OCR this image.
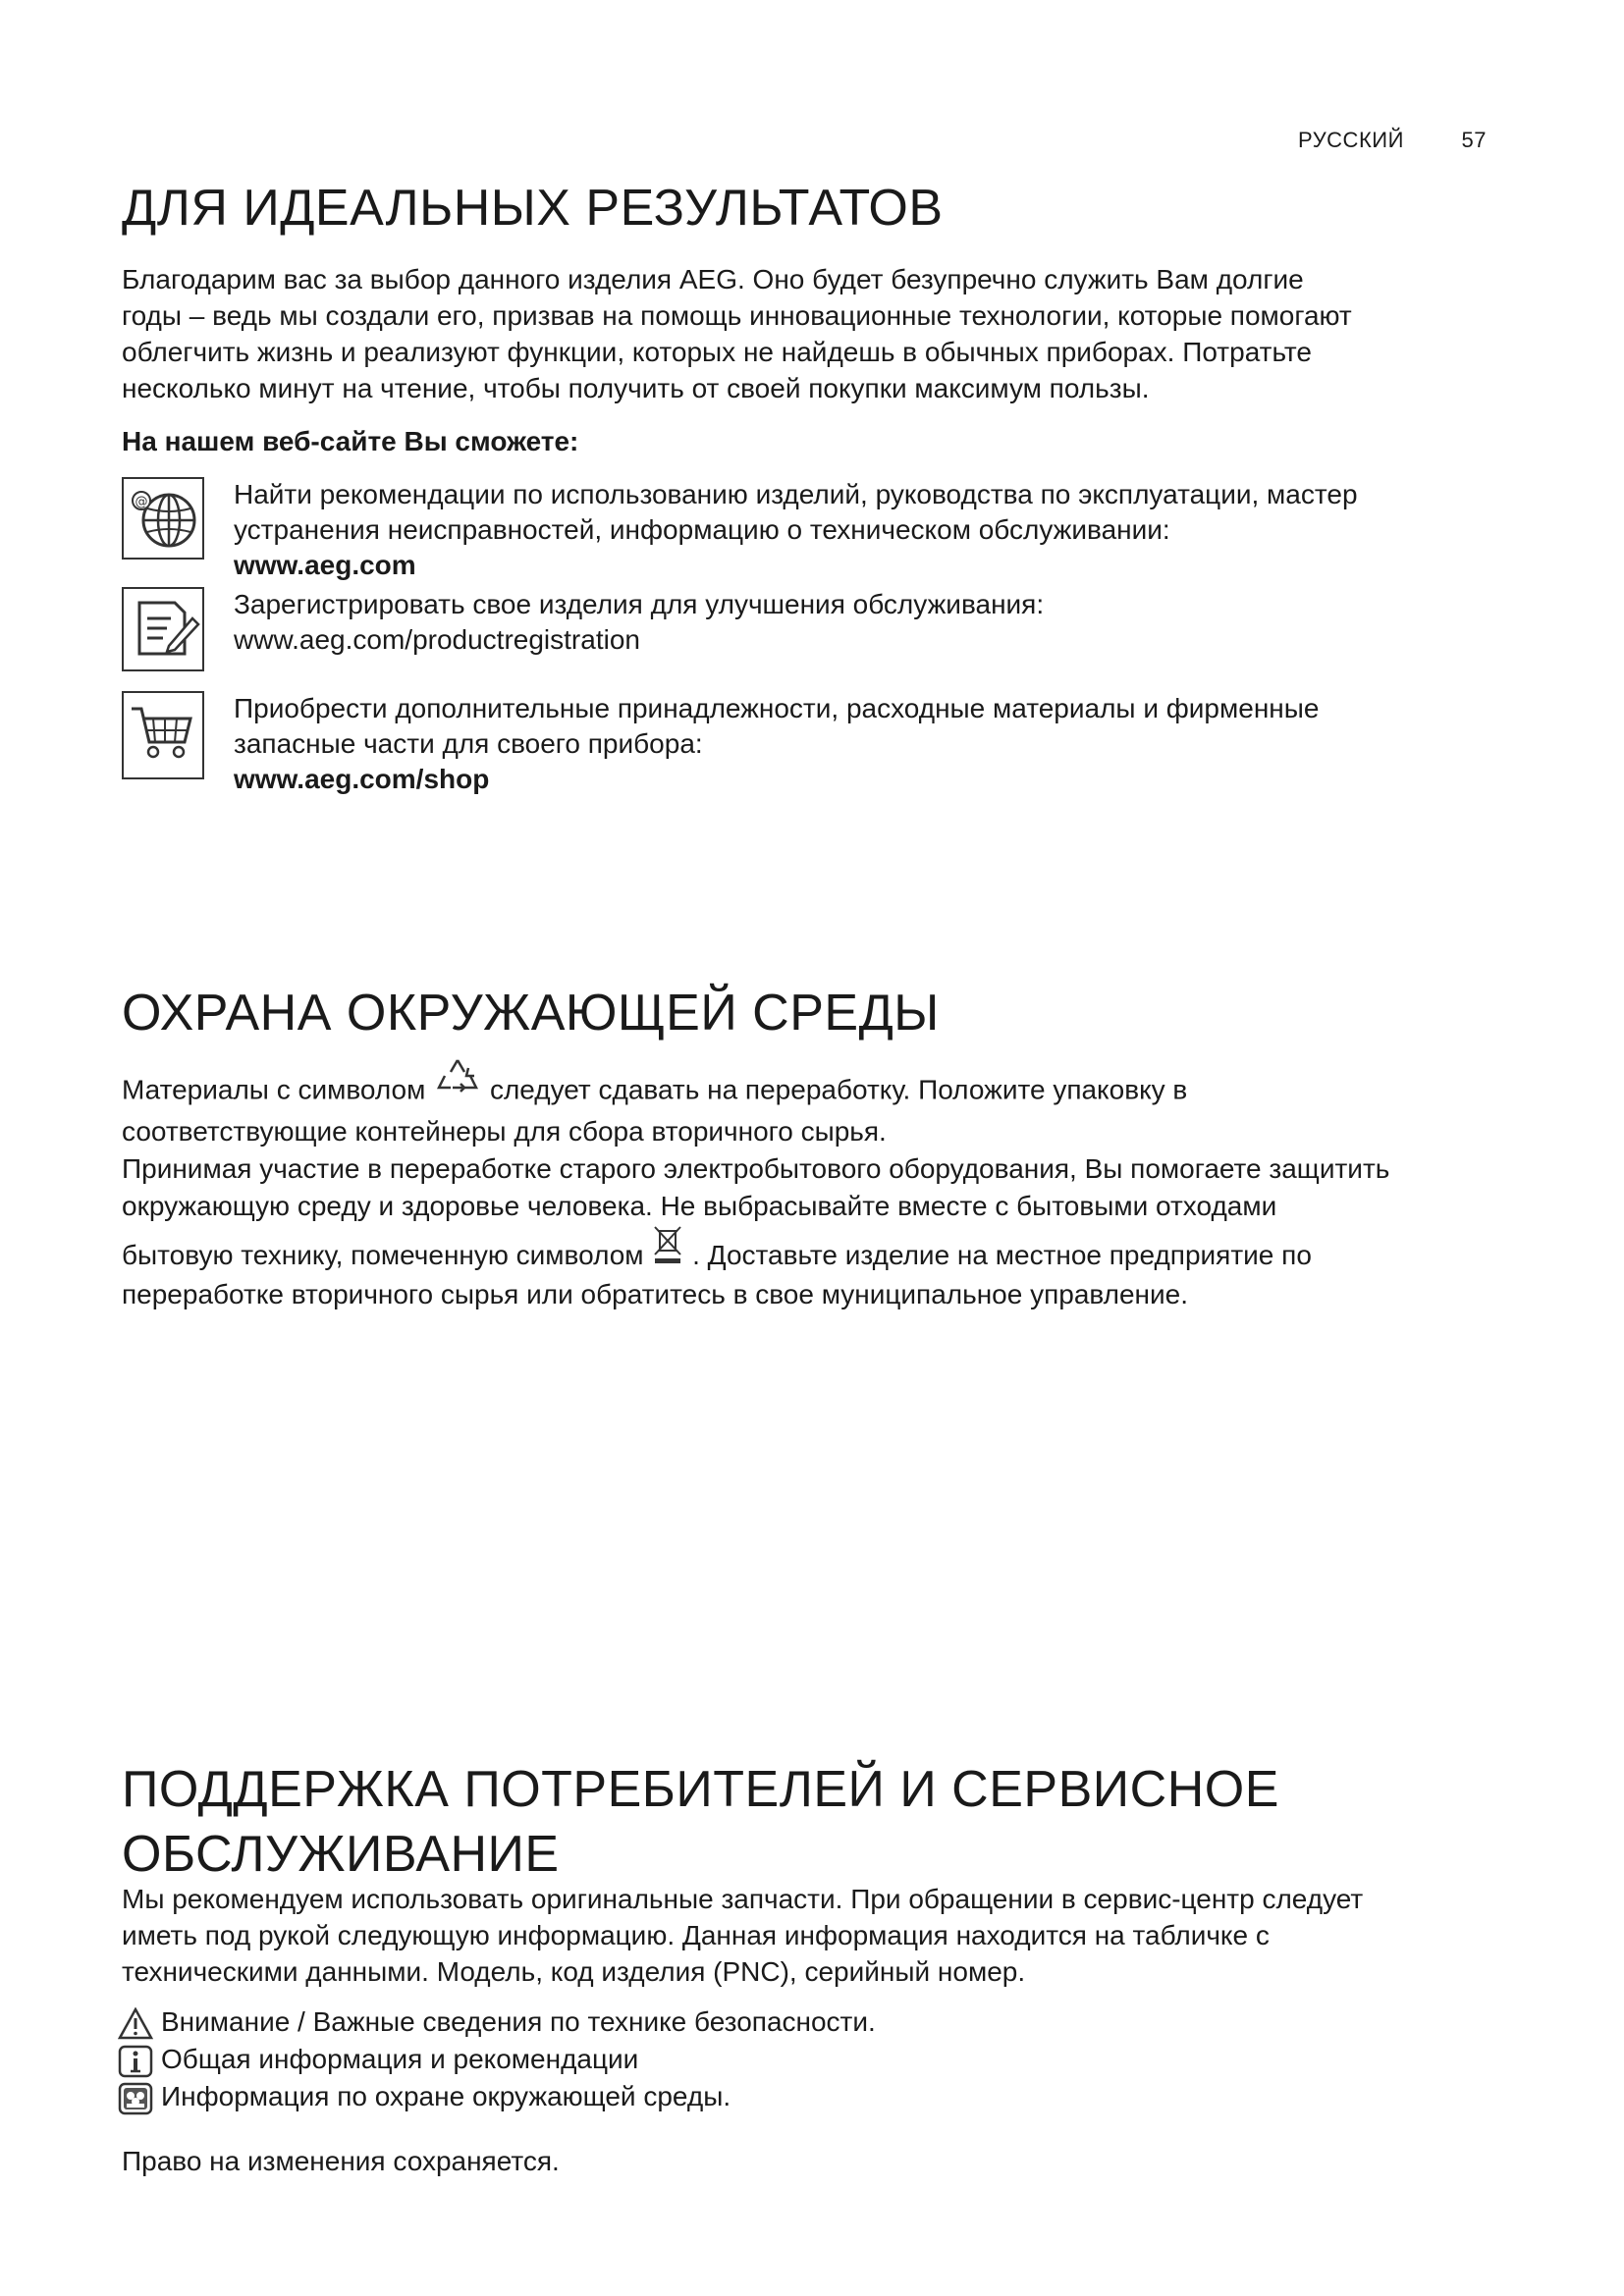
РУССКИЙ	57
ДЛЯ ИДЕАЛЬНЫХ РЕЗУЛЬТАТОВ
Благодарим вас за выбор данного изделия AEG. Оно будет безупречно служить Вам долгие
годы – ведь мы создали его, призвав на помощь инновационные технологии, которые помогают
облегчить жизнь и реализуют функции, которых не найдешь в обычных приборах. Потратьте
несколько минут на чтение, чтобы получить от своей покупки максимум пользы.

На нашем веб-сайте Вы сможете:

@	Найти рекомендации по использованию изделий, руководства по эксплуатации, мастер
устранения неисправностей, информацию о техническом обслуживании:
www.aeg.com
Зарегистрировать свое изделия для улучшения обслуживания:
www.aeg.com/productregistration
Приобрести дополнительные принадлежности, расходные материалы и фирменные
запасные части для своего прибора:
www.aeg.com/shop
ОХРАНА ОКРУЖАЮЩЕЙ СРЕДЫ
Материалы с символом следует сдавать на переработку. Положите упаковку в
соответствующие контейнеры для сбора вторичного сырья.
Принимая участие в переработке старого электробытового оборудования, Вы помогаете защитить
окружающую среду и здоровье человека. Не выбрасывайте вместе с бытовыми отходами
бытовую технику, помеченную символом . Доставьте изделие на местное предприятие по
переработке вторичного сырья или обратитесь в свое муниципальное управление.
ПОДДЕРЖКА ПОТРЕБИТЕЛЕЙ И СЕРВИСНОЕ
ОБСЛУЖИВАНИЕ
Мы рекомендуем использовать оригинальные запчасти. При обращении в сервис-центр следует
иметь под рукой следующую информацию. Данная информация находится на табличке с
техническими данными. Модель, код изделия (PNC), серийный номер.
Внимание / Важные сведения по технике безопасности.
Общая информация и рекомендации
Информация по охране окружающей среды.

Право на изменения сохраняется.
